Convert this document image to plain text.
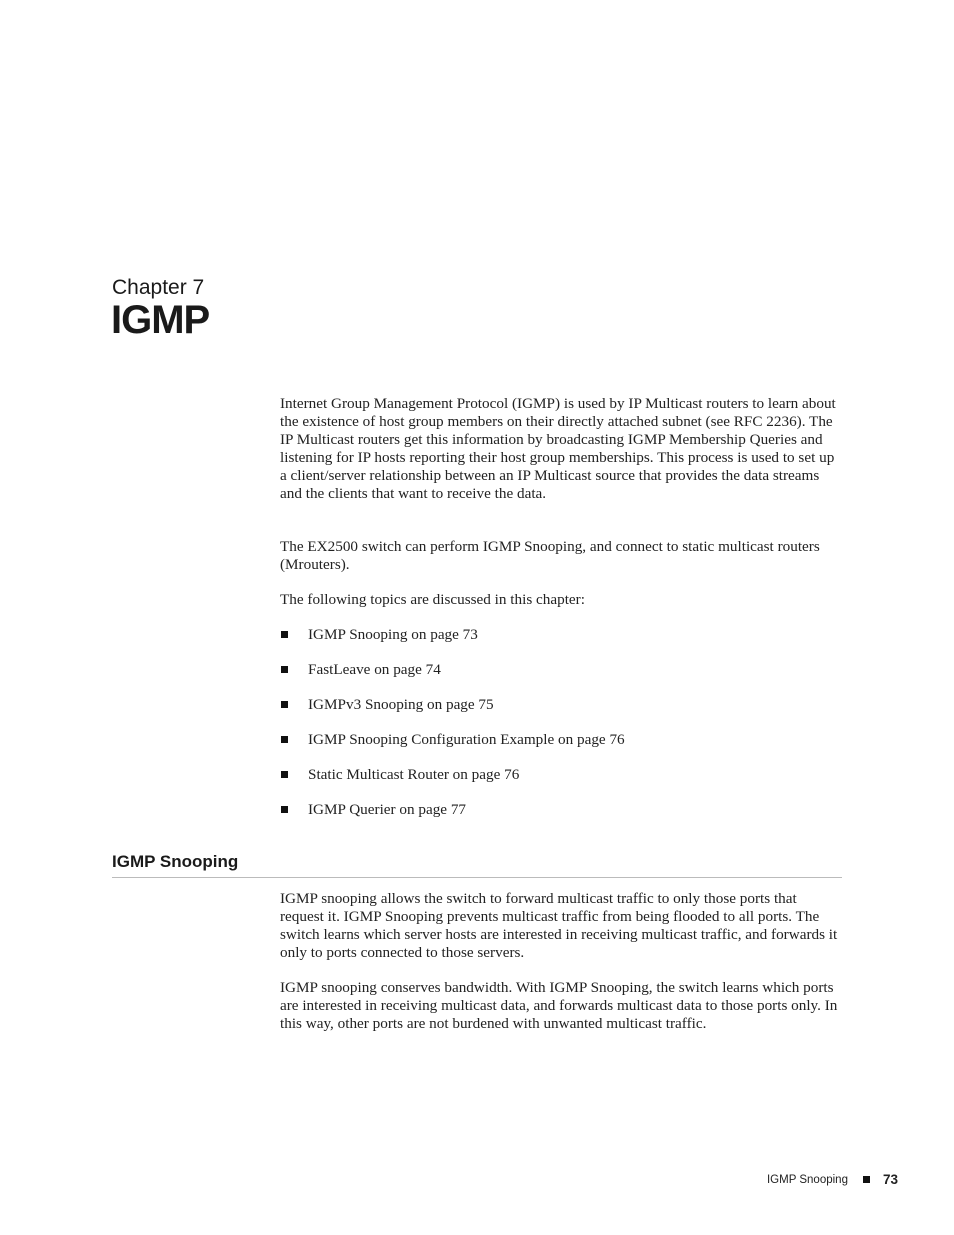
Chapter 7
IGMP

Internet Group Management Protocol (IGMP) is used by IP Multicast routers to learn about the existence of host group members on their directly attached subnet (see RFC 2236). The IP Multicast routers get this information by broadcasting IGMP Membership Queries and listening for IP hosts reporting their host group memberships. This process is used to set up a client/server relationship between an IP Multicast source that provides the data streams and the clients that want to receive the data.

The EX2500 switch can perform IGMP Snooping, and connect to static multicast routers (Mrouters).

The following topics are discussed in this chapter:

IGMP Snooping on page 73
FastLeave on page 74
IGMPv3 Snooping on page 75
IGMP Snooping Configuration Example on page 76
Static Multicast Router on page 76
IGMP Querier on page 77
IGMP Snooping

IGMP snooping allows the switch to forward multicast traffic to only those ports that request it. IGMP Snooping prevents multicast traffic from being flooded to all ports. The switch learns which server hosts are interested in receiving multicast traffic, and forwards it only to ports connected to those servers.

IGMP snooping conserves bandwidth. With IGMP Snooping, the switch learns which ports are interested in receiving multicast data, and forwards multicast data to those ports only. In this way, other ports are not burdened with unwanted multicast traffic.

IGMP Snooping	73
